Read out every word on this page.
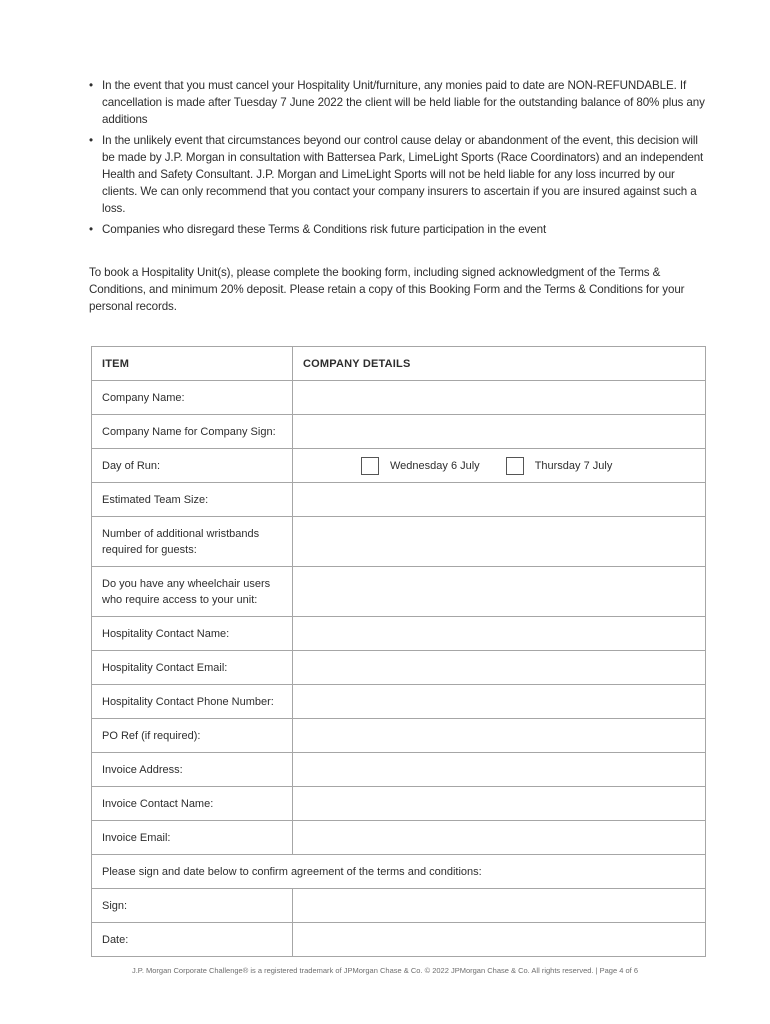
• In the event that you must cancel your Hospitality Unit/furniture, any monies paid to date are NON-REFUNDABLE. If cancellation is made after Tuesday 7 June 2022 the client will be held liable for the outstanding balance of 80% plus any additions
• In the unlikely event that circumstances beyond our control cause delay or abandonment of the event, this decision will be made by J.P. Morgan in consultation with Battersea Park, LimeLight Sports (Race Coordinators) and an independent Health and Safety Consultant. J.P. Morgan and LimeLight Sports will not be held liable for any loss incurred by our clients. We can only recommend that you contact your company insurers to ascertain if you are insured against such a loss.
• Companies who disregard these Terms & Conditions risk future participation in the event

To book a Hospitality Unit(s), please complete the booking form, including signed acknowledgment of the Terms & Conditions, and minimum 20% deposit. Please retain a copy of this Booking Form and the Terms & Conditions for your personal records.

ITEM	COMPANY DETAILS
Company Name:	
Company Name for Company Sign:	
Day of Run:	Wednesday 6 July Thursday 7 July

Estimated Team Size:	
Number of additional wristbands required for guests:	
Do you have any wheelchair users who require access to your unit:	
Hospitality Contact Name:	
Hospitality Contact Email:	
Hospitality Contact Phone Number:	
PO Ref (if required):	
Invoice Address:	
Invoice Contact Name:	
Invoice Email:	
Please sign and date below to confirm agreement of the terms and conditions:	
Sign:	
Date:	
J.P. Morgan Corporate Challenge® is a registered trademark of JPMorgan Chase & Co. © 2022 JPMorgan Chase & Co. All rights reserved. | Page 4 of 6
